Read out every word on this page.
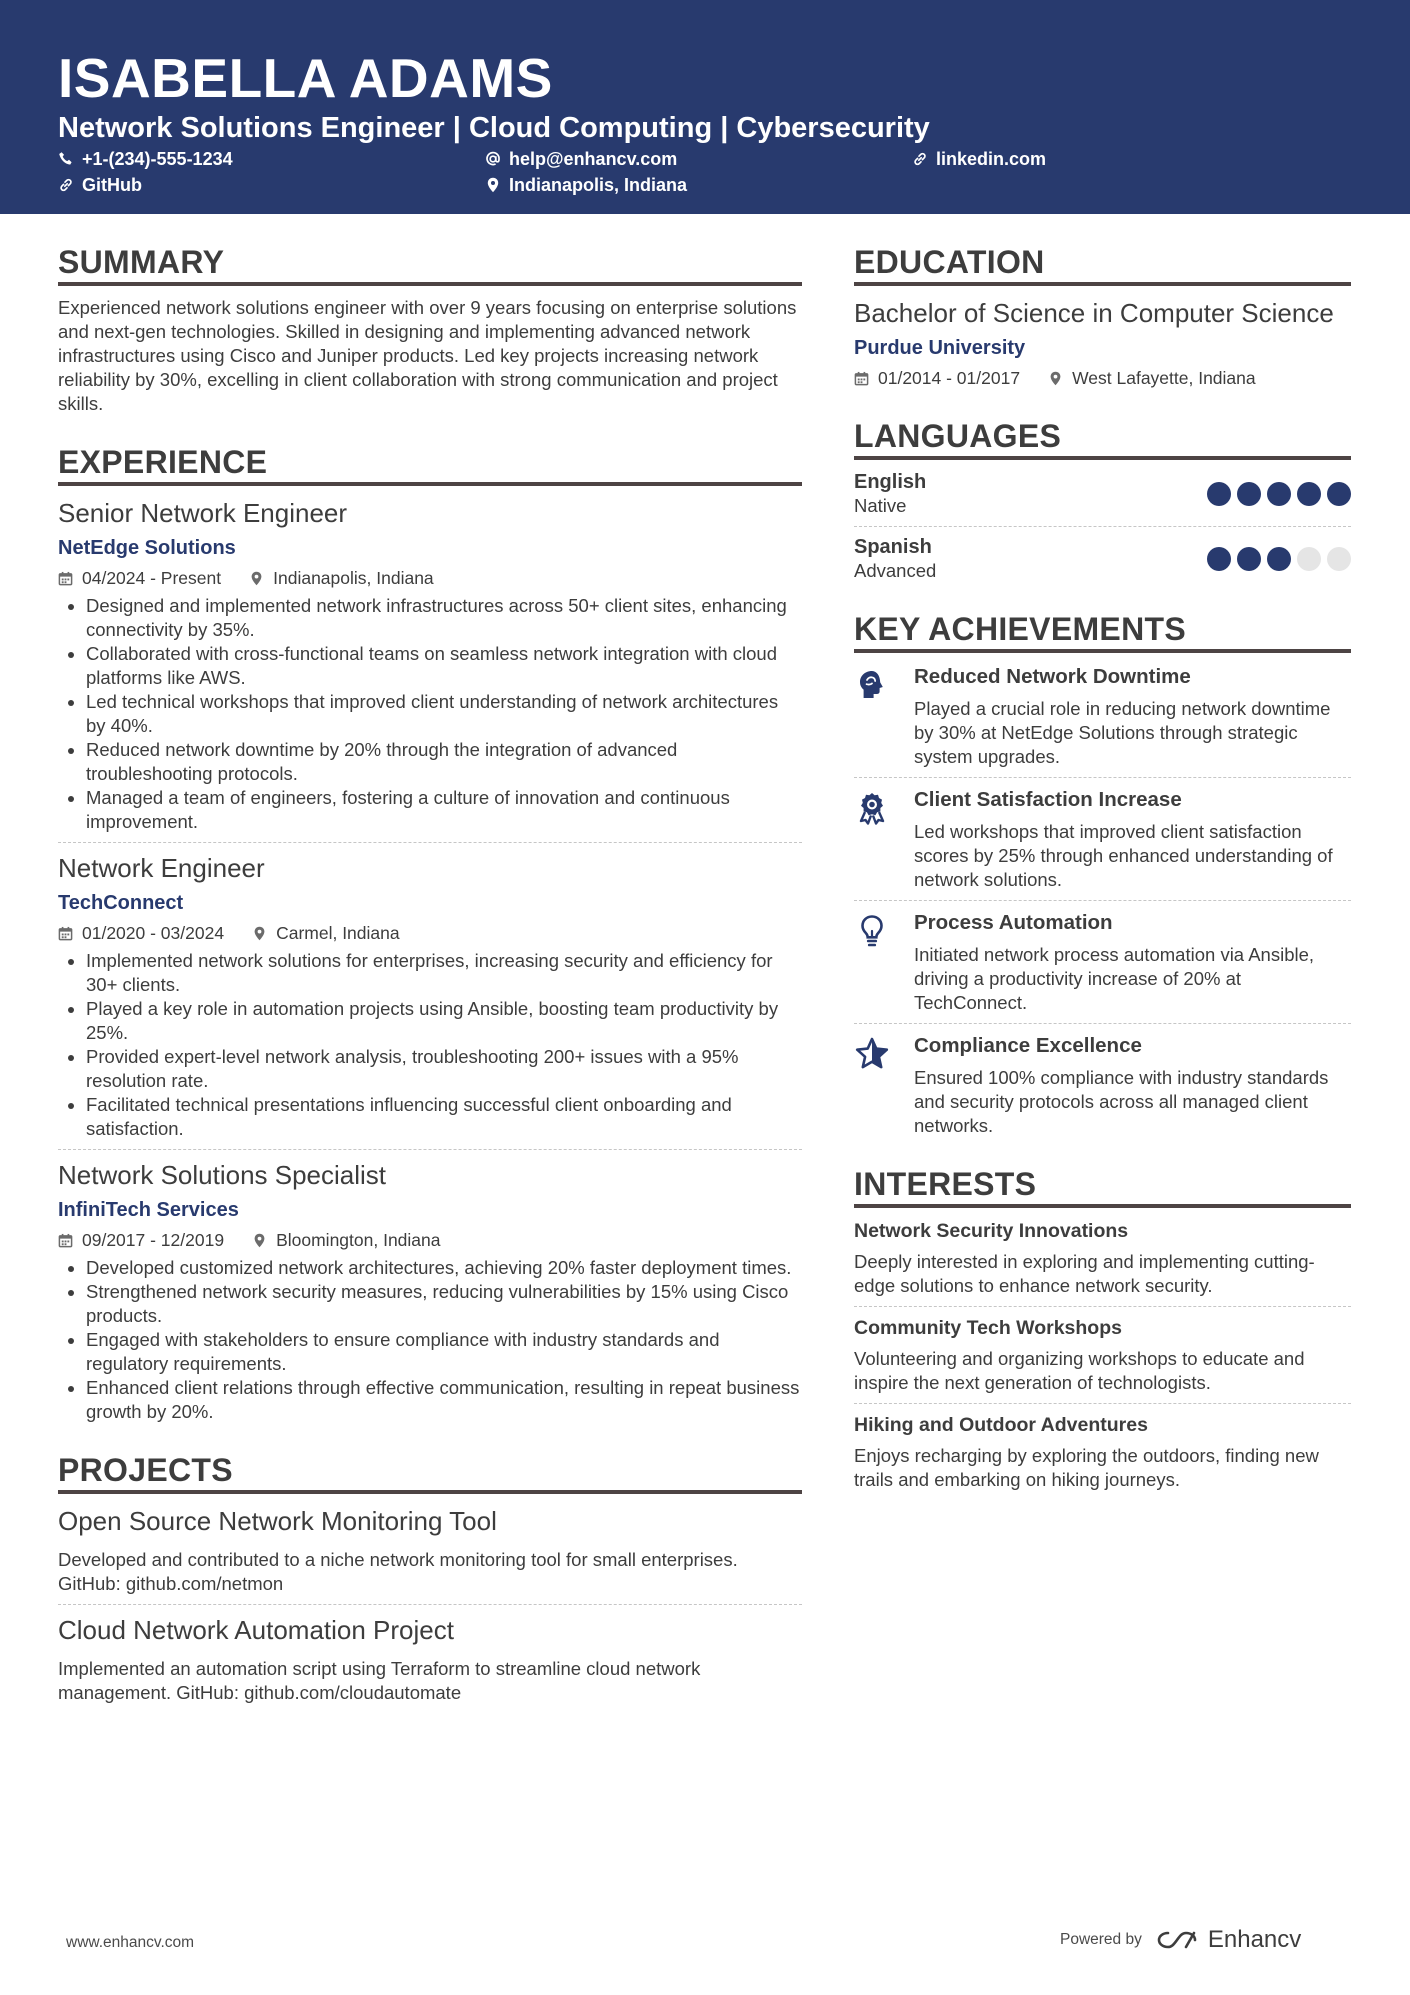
ISABELLA ADAMS
Network Solutions Engineer | Cloud Computing | Cybersecurity
+1-(234)-555-1234	help@enhancv.com	linkedin.com
GitHub	Indianapolis, Indiana
SUMMARY

Experienced network solutions engineer with over 9 years focusing on enterprise solutions and next-gen technologies. Skilled in designing and implementing advanced network infrastructures using Cisco and Juniper products. Led key projects increasing network reliability by 30%, excelling in client collaboration with strong communication and project skills.

EXPERIENCE
Senior Network Engineer
NetEdge Solutions
04/2024 - Present	Indianapolis, Indiana
• Designed and implemented network infrastructures across 50+ client sites, enhancing connectivity by 35%.
• Collaborated with cross-functional teams on seamless network integration with cloud platforms like AWS.
• Led technical workshops that improved client understanding of network architectures by 40%.
• Reduced network downtime by 20% through the integration of advanced troubleshooting protocols.
• Managed a team of engineers, fostering a culture of innovation and continuous improvement.
Network Engineer
TechConnect
01/2020 - 03/2024	Carmel, Indiana
• Implemented network solutions for enterprises, increasing security and efficiency for 30+ clients.
• Played a key role in automation projects using Ansible, boosting team productivity by 25%.
• Provided expert-level network analysis, troubleshooting 200+ issues with a 95% resolution rate.
• Facilitated technical presentations influencing successful client onboarding and satisfaction.
Network Solutions Specialist
InfiniTech Services
09/2017 - 12/2019	Bloomington, Indiana
• Developed customized network architectures, achieving 20% faster deployment times.
• Strengthened network security measures, reducing vulnerabilities by 15% using Cisco products.
• Engaged with stakeholders to ensure compliance with industry standards and regulatory requirements.
• Enhanced client relations through effective communication, resulting in repeat business growth by 20%.
PROJECTS
Open Source Network Monitoring Tool

Developed and contributed to a niche network monitoring tool for small enterprises. GitHub: github.com/netmon

Cloud Network Automation Project

Implemented an automation script using Terraform to streamline cloud network management. GitHub: github.com/cloudautomate

EDUCATION
Bachelor of Science in Computer Science
Purdue University
01/2014 - 01/2017	West Lafayette, Indiana
LANGUAGES
English
Native
Spanish
Advanced
KEY ACHIEVEMENTS
Reduced Network Downtime
Played a crucial role in reducing network downtime by 30% at NetEdge Solutions through strategic system upgrades.
Client Satisfaction Increase
Led workshops that improved client satisfaction scores by 25% through enhanced understanding of network solutions.
Process Automation
Initiated network process automation via Ansible, driving a productivity increase of 20% at TechConnect.
Compliance Excellence
Ensured 100% compliance with industry standards and security protocols across all managed client networks.
INTERESTS
Network Security Innovations

Deeply interested in exploring and implementing cutting-edge solutions to enhance network security.

Community Tech Workshops

Volunteering and organizing workshops to educate and inspire the next generation of technologists.

Hiking and Outdoor Adventures

Enjoys recharging by exploring the outdoors, finding new trails and embarking on hiking journeys.

www.enhancv.com	Powered by	Enhancv
